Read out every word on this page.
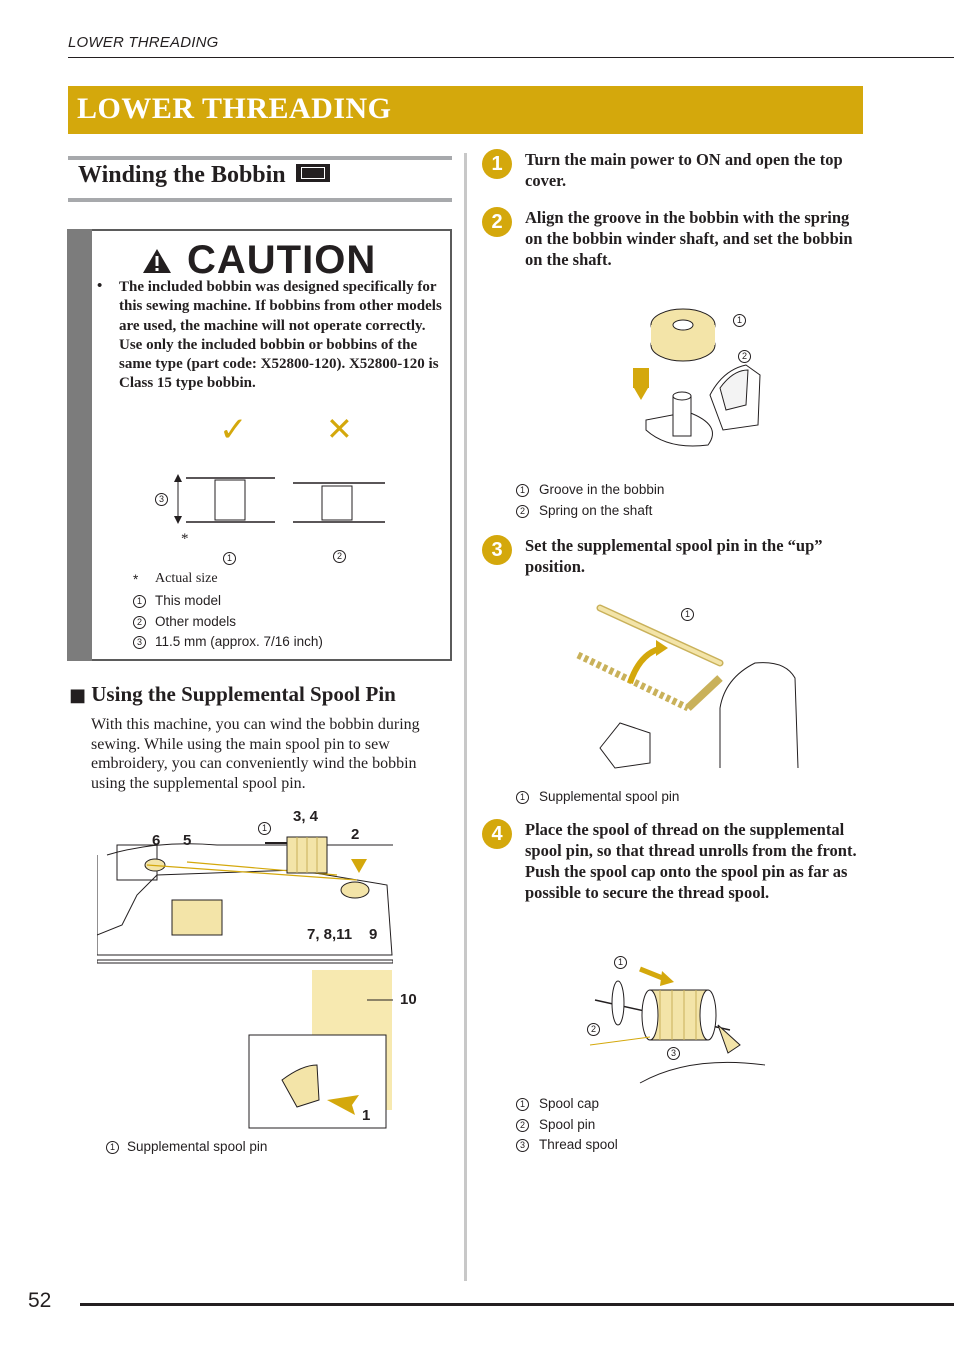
LOWER THREADING
LOWER THREADING
Winding the Bobbin
CAUTION
• The included bobbin was designed specifically for this sewing machine. If bobbins from other models are used, the machine will not operate correctly. Use only the included bobbin or bobbins of the same type (part code: X52800-120). X52800-120 is Class 15 type bobbin.
✓ ✕
3
*
1	2
* Actual size
1 This model
2 Other models
3 11.5 mm (approx. 7/16 inch)
■ Using the Supplemental Spool Pin
With this machine, you can wind the bobbin during sewing. While using the main spool pin to sew embroidery, you can conveniently wind the bobbin using the supplemental spool pin.
6 5
1
3, 4
2
7, 8,11 9
10
1
1 Supplemental spool pin
1	Turn the main power to ON and open the top cover.
2	Align the groove in the bobbin with the spring on the bobbin winder shaft, and set the bobbin on the shaft.
1
2
1 Groove in the bobbin
2 Spring on the shaft
3	Set the supplemental spool pin in the “up” position.
1
1 Supplemental spool pin
4	Place the spool of thread on the supplemental spool pin, so that thread unrolls from the front. Push the spool cap onto the spool pin as far as possible to secure the thread spool.
1
2
3
1 Spool cap
2 Spool pin
3 Thread spool
52
